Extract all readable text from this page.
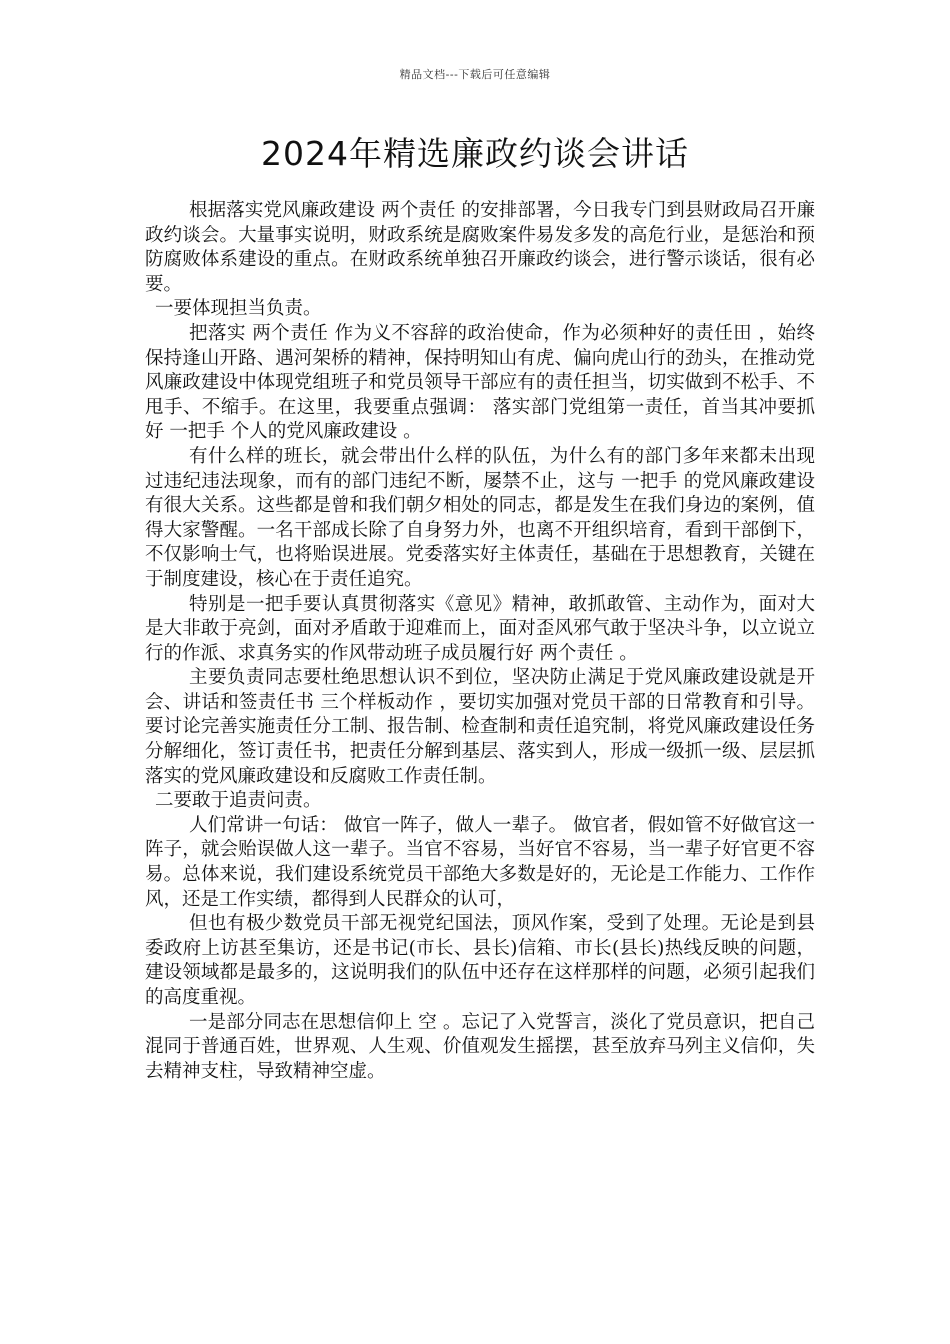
精品文档---下载后可任意编辑
2024年精选廉政约谈会讲话

根据落实党风廉政建设 两个责任 的安排部署，今日我专门到县财政局召开廉政约谈会。大量事实说明，财政系统是腐败案件易发多发的高危行业，是惩治和预防腐败体系建设的重点。在财政系统单独召开廉政约谈会，进行警示谈话，很有必要。

一要体现担当负责。

把落实 两个责任 作为义不容辞的政治使命，作为必须种好的责任田 ，始终保持逢山开路、遇河架桥的精神，保持明知山有虎、偏向虎山行的劲头，在推动党风廉政建设中体现党组班子和党员领导干部应有的责任担当，切实做到不松手、不甩手、不缩手。在这里，我要重点强调： 落实部门党组第一责任，首当其冲要抓好 一把手 个人的党风廉政建设 。

有什么样的班长，就会带出什么样的队伍，为什么有的部门多年来都未出现过违纪违法现象，而有的部门违纪不断，屡禁不止，这与 一把手 的党风廉政建设有很大关系。这些都是曾和我们朝夕相处的同志，都是发生在我们身边的案例，值得大家警醒。一名干部成长除了自身努力外，也离不开组织培育，看到干部倒下，不仅影响士气，也将贻误进展。党委落实好主体责任，基础在于思想教育，关键在于制度建设，核心在于责任追究。

特别是一把手要认真贯彻落实《意见》精神，敢抓敢管、主动作为，面对大是大非敢于亮剑，面对矛盾敢于迎难而上，面对歪风邪气敢于坚决斗争，以立说立行的作派、求真务实的作风带动班子成员履行好 两个责任 。

主要负责同志要杜绝思想认识不到位，坚决防止满足于党风廉政建设就是开会、讲话和签责任书 三个样板动作 ，要切实加强对党员干部的日常教育和引导。要讨论完善实施责任分工制、报告制、检查制和责任追究制，将党风廉政建设任务分解细化，签订责任书，把责任分解到基层、落实到人，形成一级抓一级、层层抓落实的党风廉政建设和反腐败工作责任制。

二要敢于追责问责。

人们常讲一句话： 做官一阵子，做人一辈子。 做官者，假如管不好做官这一阵子，就会贻误做人这一辈子。当官不容易，当好官不容易，当一辈子好官更不容易。总体来说，我们建设系统党员干部绝大多数是好的，无论是工作能力、工作作风，还是工作实绩，都得到人民群众的认可，

但也有极少数党员干部无视党纪国法，顶风作案，受到了处理。无论是到县委政府上访甚至集访，还是书记(市长、县长)信箱、市长(县长)热线反映的问题，建设领域都是最多的，这说明我们的队伍中还存在这样那样的问题，必须引起我们的高度重视。

一是部分同志在思想信仰上 空 。忘记了入党誓言，淡化了党员意识，把自己混同于普通百姓，世界观、人生观、价值观发生摇摆，甚至放弃马列主义信仰，失去精神支柱，导致精神空虚。
